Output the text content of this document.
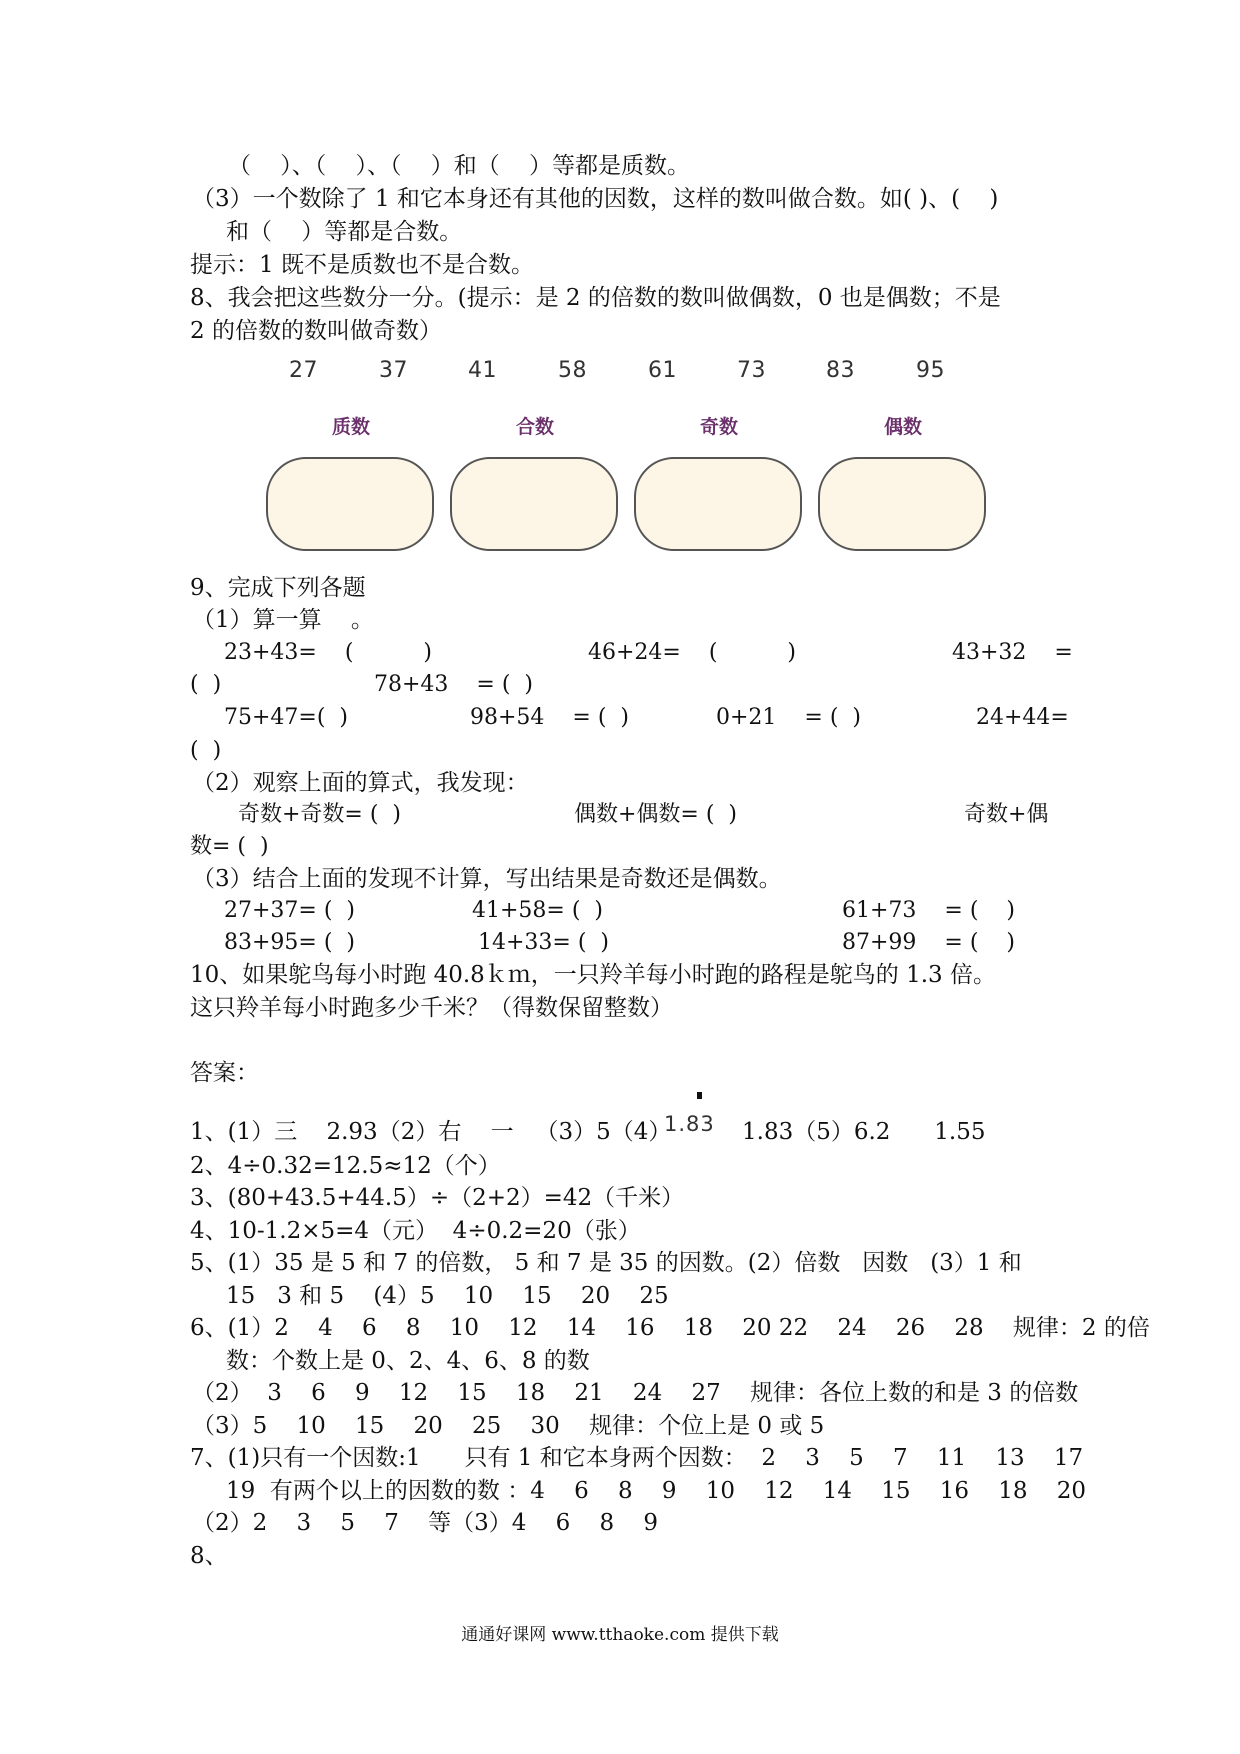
（    ）、（    ）、（    ）和（    ）等都是质数。
（3）一个数除了 1 和它本身还有其他的因数，这样的数叫做合数。如( )、(    )
和（    ）等都是合数。
提示：1 既不是质数也不是合数。
8、我会把这些数分一分。(提示：是 2 的倍数的数叫做偶数，0 也是偶数；不是
2 的倍数的数叫做奇数）
27	37	41	58	61	73	83	95
质数	合数	奇数	偶数
9、完成下列各题
（1）算一算    。
23+43=    (          )	46+24=    (          )	43+32    =
(  )	78+43    = (  )
75+47=(  )	98+54    = (  )	0+21    = (  )	24+44=
(  )
（2）观察上面的算式，我发现：
奇数+奇数= (  )	偶数+偶数= (  )	奇数+偶
数= (  )
（3）结合上面的发现不计算，写出结果是奇数还是偶数。
27+37= (  )	41+58= (  )	61+73    = (    )
83+95= (  )	14+33= (  )	87+99    = (    )
10、如果鸵鸟每小时跑 40.8ｋｍ，一只羚羊每小时跑的路程是鸵鸟的 1.3 倍。
这只羚羊每小时跑多少千米？（得数保留整数）
答案：
1、(1）三    2.93（2）右    一   （3）5（4）
1.83 1.83（5）6.2      1.55
2、4÷0.32=12.5≈12（个）
3、(80+43.5+44.5）÷（2+2）=42（千米）
4、10-1.2×5=4（元）  4÷0.2=20（张）
5、(1）35 是 5 和 7 的倍数， 5 和 7 是 35 的因数。(2）倍数   因数   (3）1 和
15   3 和 5    (4）5    10    15    20    25
6、(1）2    4    6    8    10    12    14    16    18    20 22    24    26    28    规律：2 的倍
数：个数上是 0、2、4、6、8 的数
（2）  3    6    9    12    15    18    21    24    27    规律：各位上数的和是 3 的倍数
（3）5    10    15    20    25    30    规律：个位上是 0 或 5
7、(1)只有一个因数:1      只有 1 和它本身两个因数：  2    3    5    7    11    13    17
19  有两个以上的因数的数 ：4    6    8    9    10    12    14    15    16    18    20
（2）2    3    5    7    等（3）4    6    8    9
8、
通通好课网 www.tthaoke.com 提供下载
